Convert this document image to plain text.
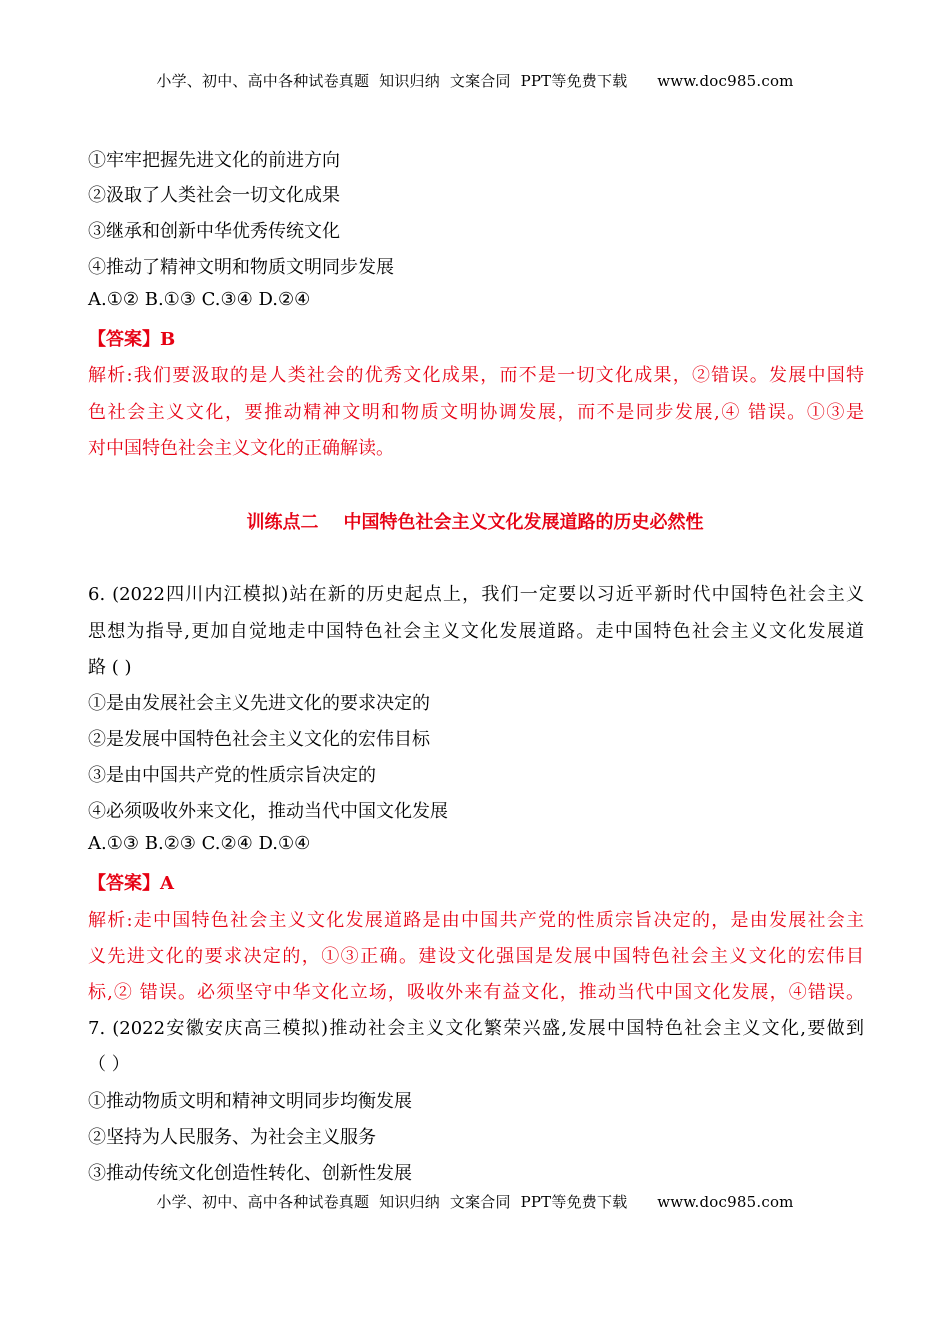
小学、初中、高中各种试卷真题  知识归纳  文案合同  PPT等免费下载      www.doc985.com
①牢牢把握先进文化的前进方向
②汲取了人类社会一切文化成果
③继承和创新中华优秀传统文化
④推动了精神文明和物质文明同步发展
A.①② B.①③ C.③④ D.②④
【答案】B
解析:我们要汲取的是人类社会的优秀文化成果，而不是一切文化成果，②错误。发展中国特
色社会主义文化，要推动精神文明和物质文明协调发展，而不是同步发展,④ 错误。①③是
对中国特色社会主义文化的正确解读。
训练点二    中国特色社会主义文化发展道路的历史必然性
6. (2022四川内江模拟)站在新的历史起点上，我们一定要以习近平新时代中国特色社会主义
思想为指导,更加自觉地走中国特色社会主义文化发展道路。走中国特色社会主义文化发展道
路 ( )
①是由发展社会主义先进文化的要求决定的
②是发展中国特色社会主义文化的宏伟目标
③是由中国共产党的性质宗旨决定的
④必须吸收外来文化，推动当代中国文化发展
A.①③ B.②③ C.②④ D.①④
【答案】A
解析:走中国特色社会主义文化发展道路是由中国共产党的性质宗旨决定的，是由发展社会主
义先进文化的要求决定的，①③正确。建设文化强国是发展中国特色社会主义文化的宏伟目
标,② 错误。必须坚守中华文化立场，吸收外来有益文化，推动当代中国文化发展，④错误。
7. (2022安徽安庆高三模拟)推动社会主义文化繁荣兴盛,发展中国特色社会主义文化,要做到
（ ）
①推动物质文明和精神文明同步均衡发展
②坚持为人民服务、为社会主义服务
③推动传统文化创造性转化、创新性发展
小学、初中、高中各种试卷真题  知识归纳  文案合同  PPT等免费下载      www.doc985.com
